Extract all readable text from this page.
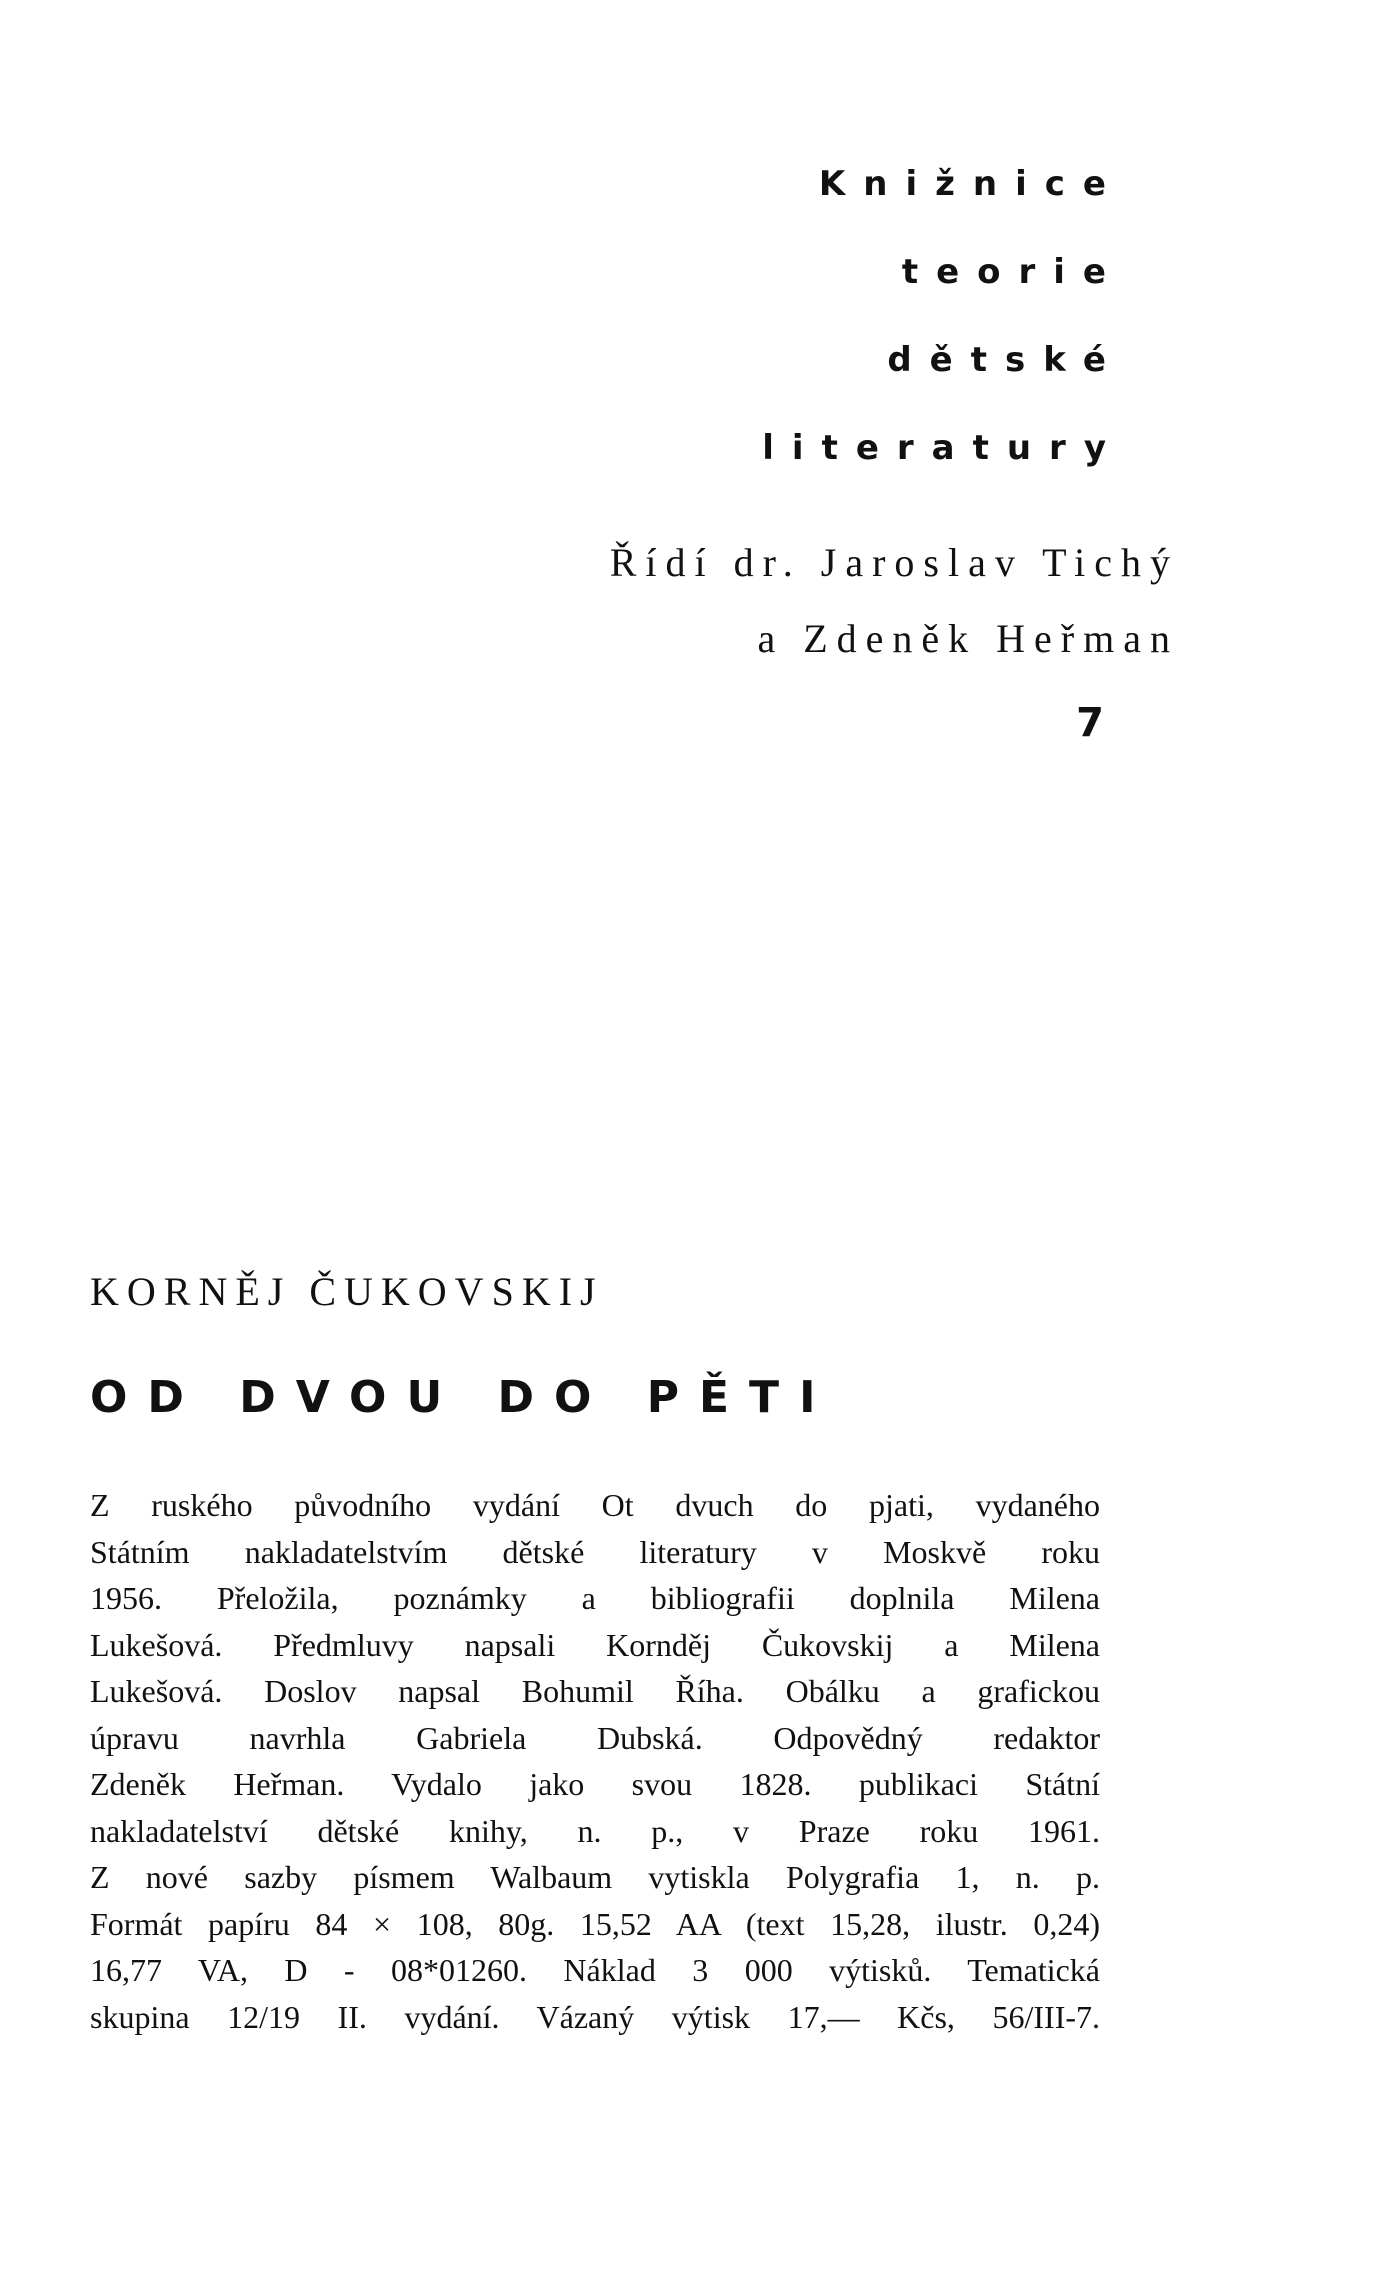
Knižnice
teorie
dětské
literatury
Řídí dr. Jaroslav Tichý
a Zdeněk Heřman
7
KORNĚJ ČUKOVSKIJ
OD DVOU DO PĚTI
Z ruského původního vydání Ot dvuch do pjati, vydaného
Státním nakladatelstvím dětské literatury v Moskvě roku
1956. Přeložila, poznámky a bibliografii doplnila Milena
Lukešová. Předmluvy napsali Kornděj Čukovskij a Milena
Lukešová. Doslov napsal Bohumil Říha. Obálku a grafickou
úpravu navrhla Gabriela Dubská. Odpovědný redaktor
Zdeněk Heřman. Vydalo jako svou 1828. publikaci Státní
nakladatelství dětské knihy, n. p., v Praze roku 1961.
Z nové sazby písmem Walbaum vytiskla Polygrafia 1, n. p.
Formát papíru 84 × 108, 80g. 15,52 AA (text 15,28, ilustr. 0,24)
16,77 VA, D - 08*01260. Náklad 3 000 výtisků. Tematická
skupina 12/19 II. vydání. Vázaný výtisk 17,— Kčs, 56/III-7.
